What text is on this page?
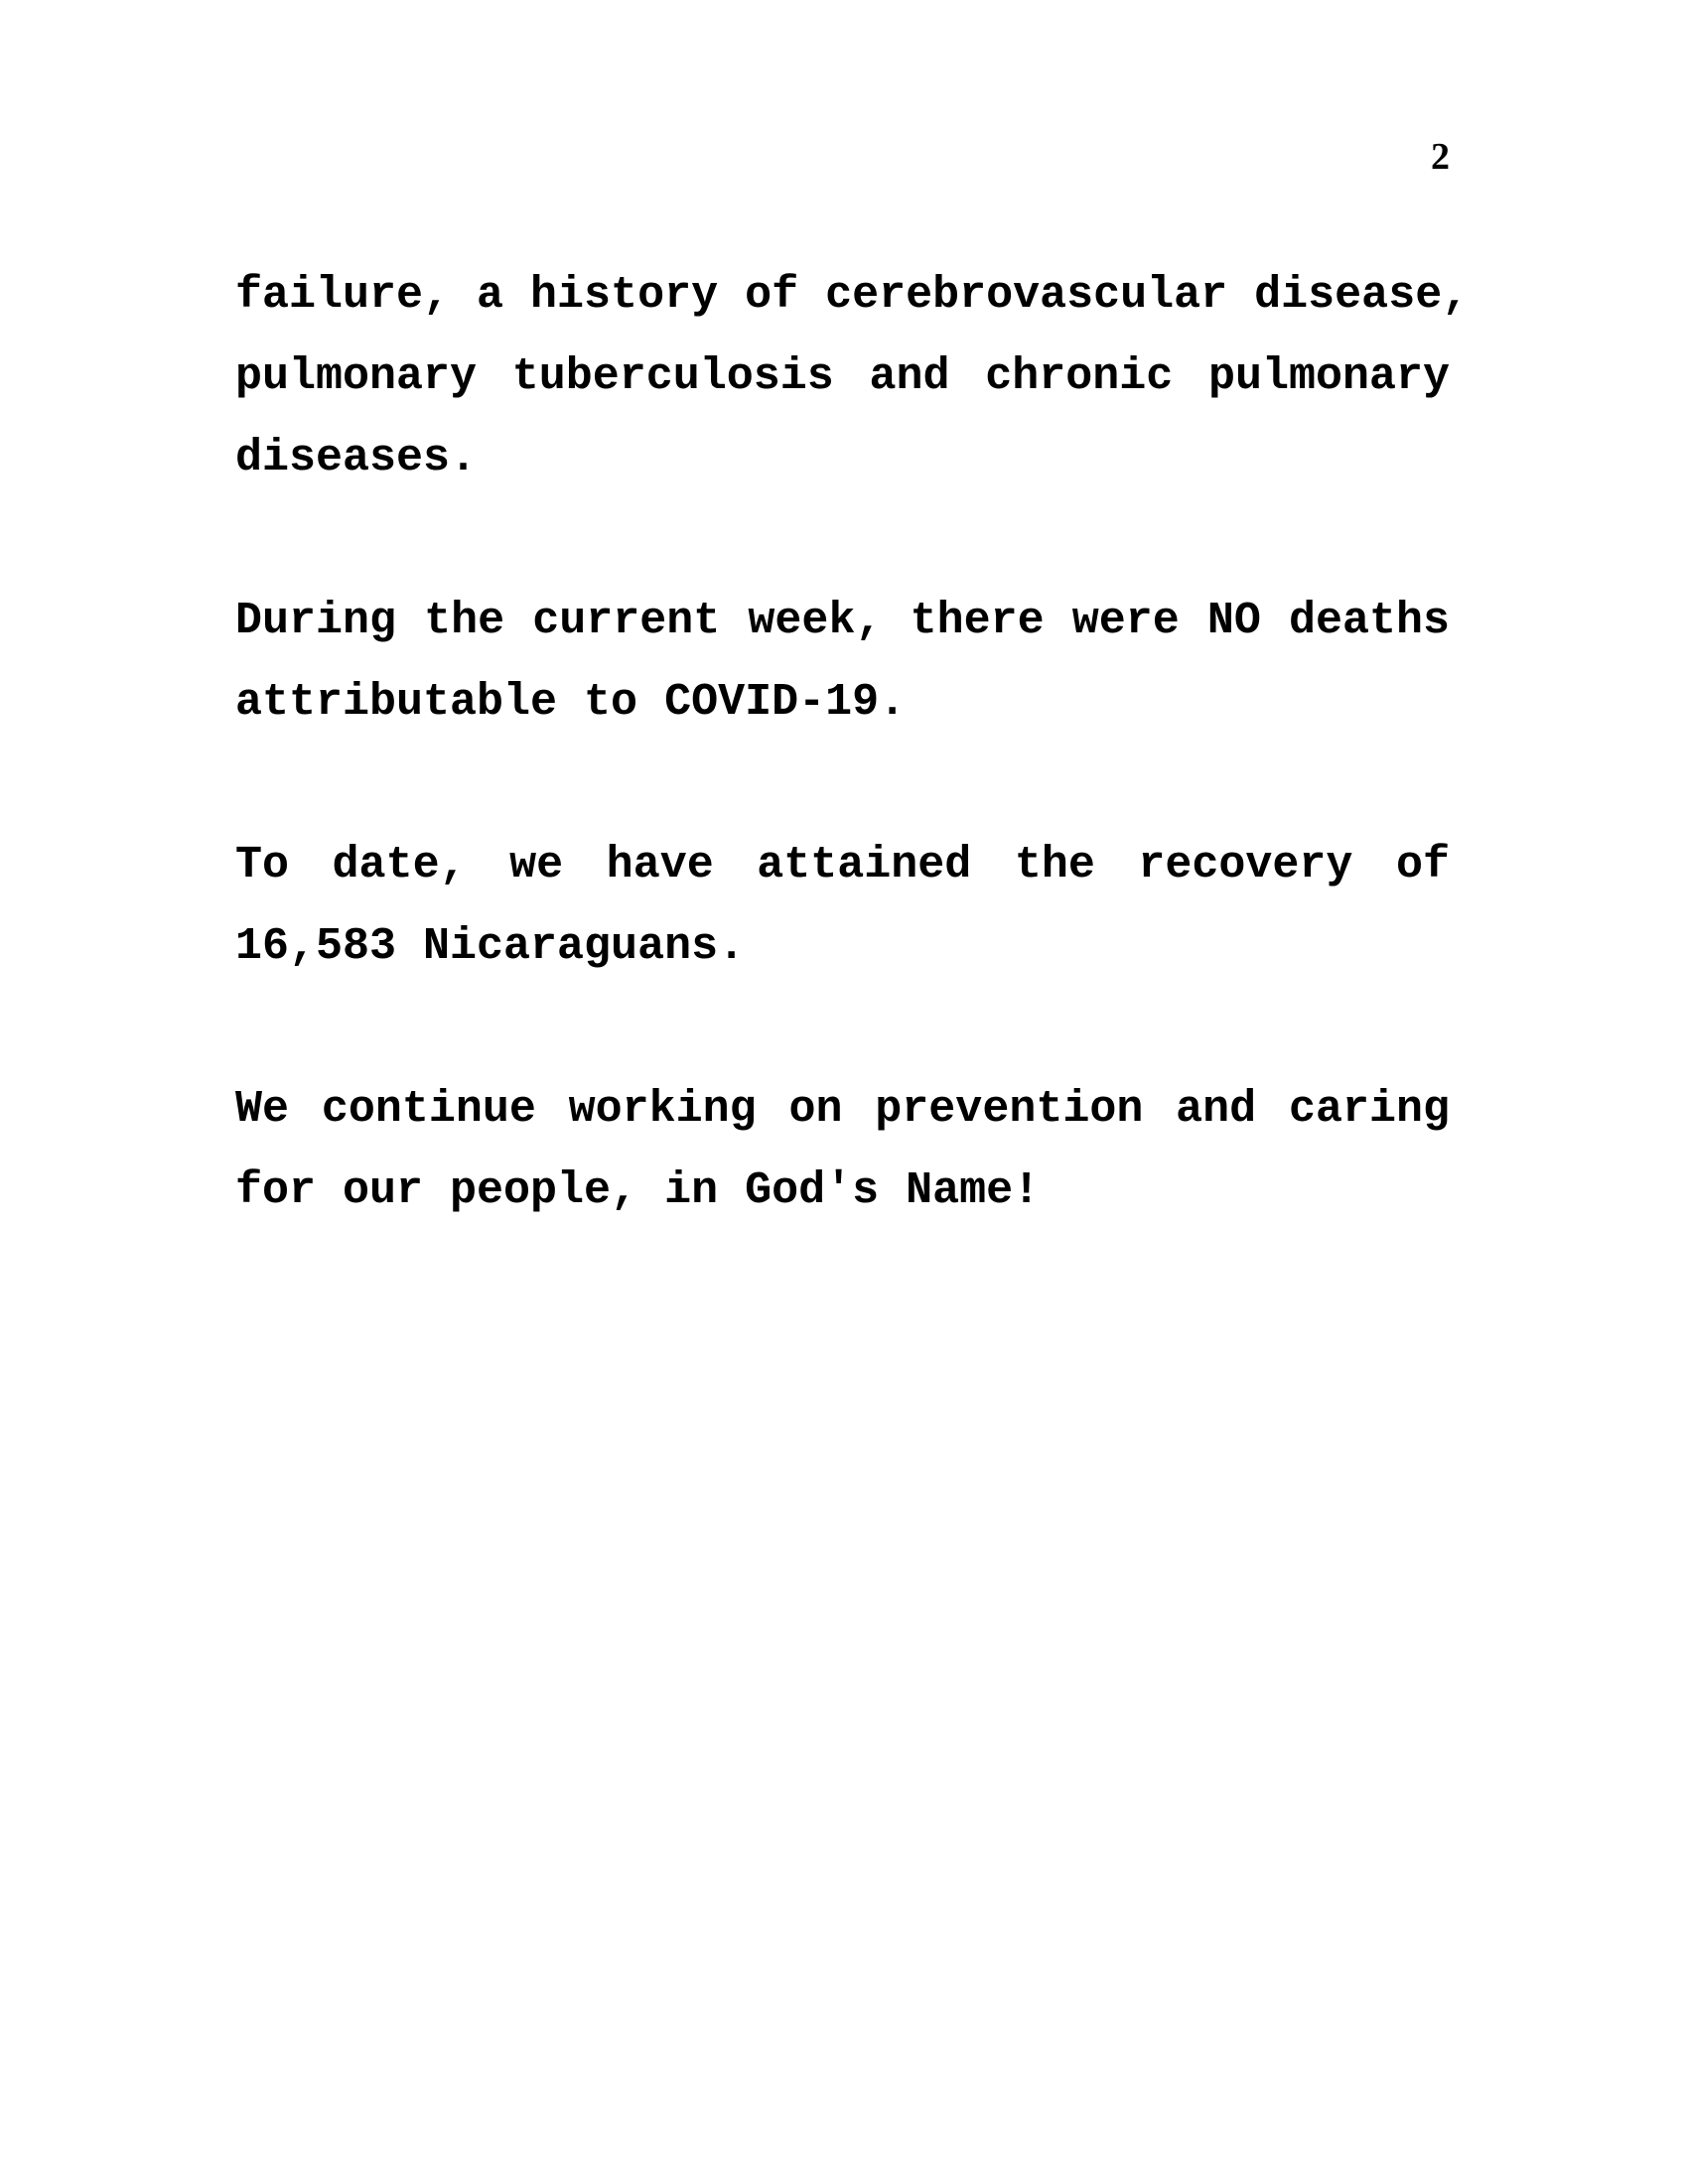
2
failure, a history of cerebrovascular disease,
pulmonary tuberculosis and chronic pulmonary
diseases.
During the current week, there were NO deaths
attributable to COVID-19.
To date, we have attained the recovery of
16,583 Nicaraguans.
We continue working on prevention and caring
for our people, in God's Name!
